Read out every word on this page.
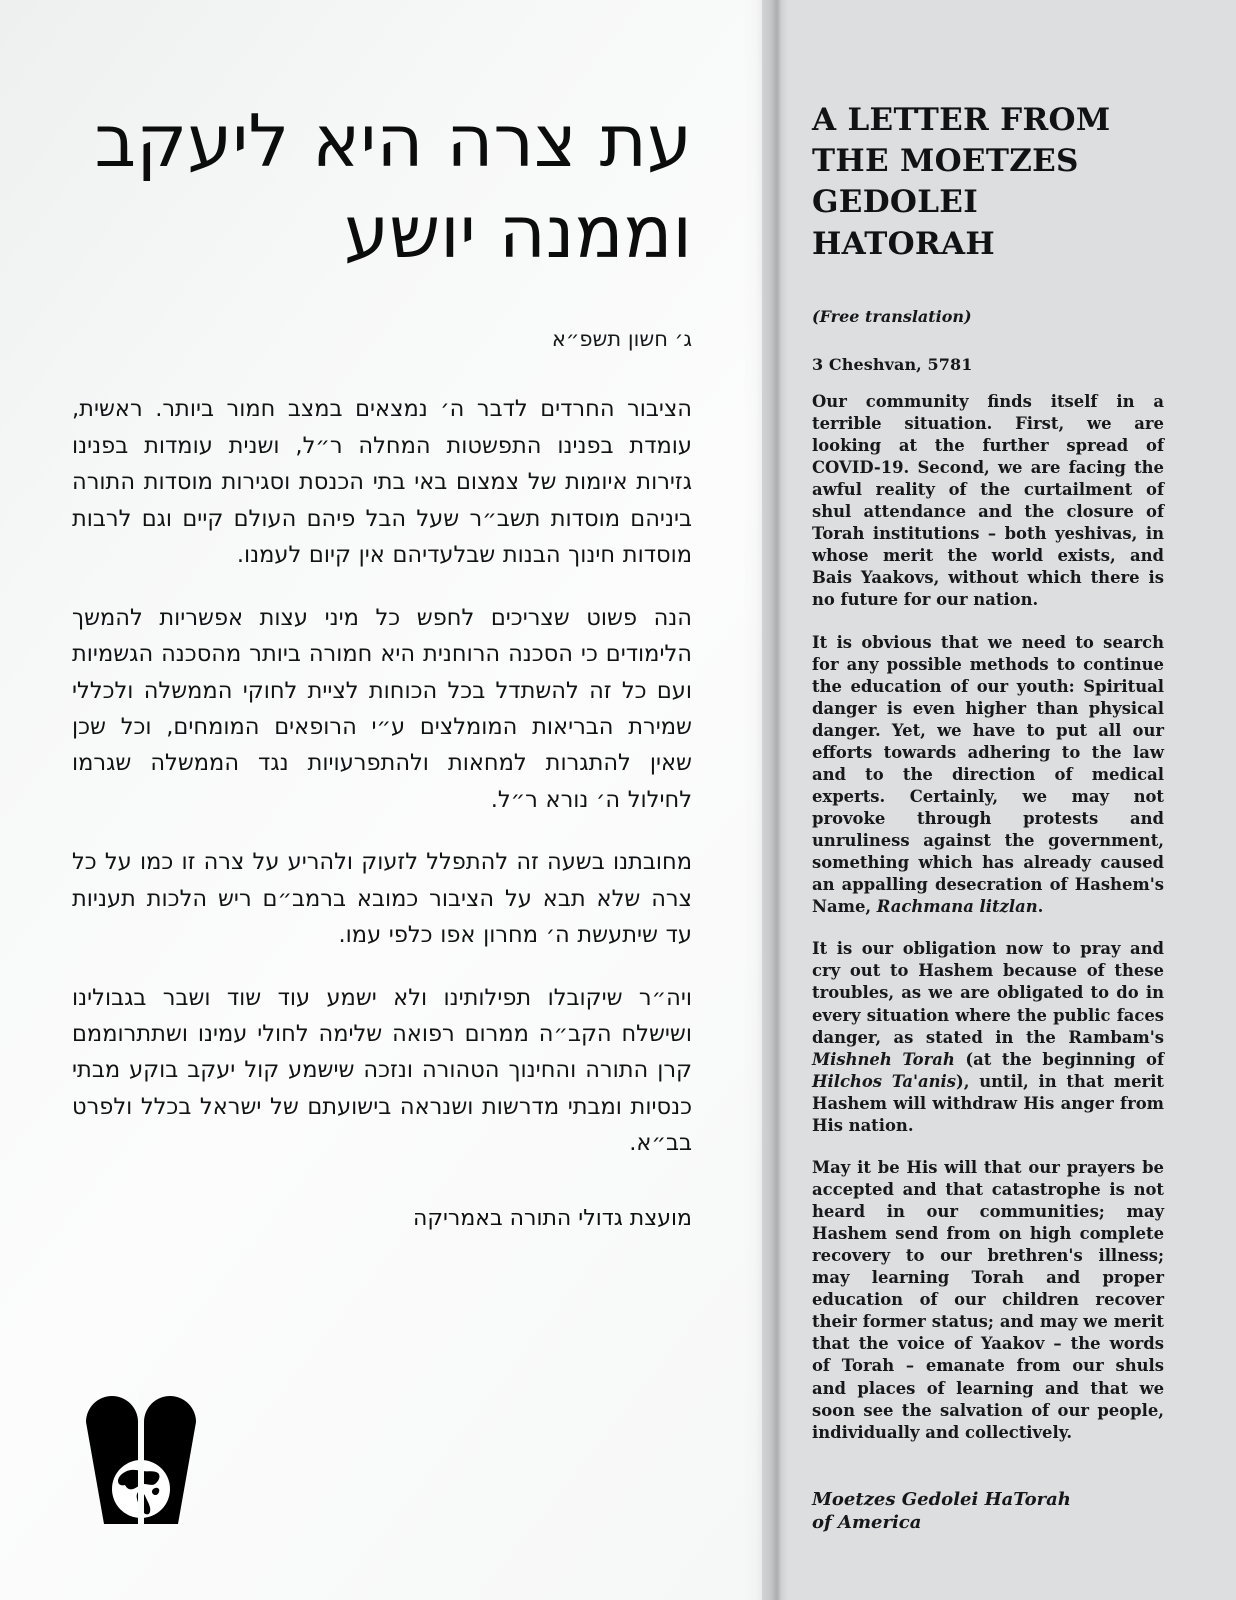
עת צרה היא ליעקב וממנה יושע
ג׳ חשון תשפ״א

הציבור החרדים לדבר ה׳ נמצאים במצב חמור ביותר. ראשית, עומדת בפנינו התפשטות המחלה ר״ל, ושנית עומדות בפנינו גזירות איומות של צמצום באי בתי הכנסת וסגירות מוסדות התורה ביניהם מוסדות תשב״ר שעל הבל פיהם העולם קיים וגם לרבות מוסדות חינוך הבנות שבלעדיהם אין קיום לעמנו.

הנה פשוט שצריכים לחפש כל מיני עצות אפשריות להמשך הלימודים כי הסכנה הרוחנית היא חמורה ביותר מהסכנה הגשמיות ועם כל זה להשתדל בכל הכוחות לציית לחוקי הממשלה ולכללי שמירת הבריאות המומלצים ע״י הרופאים המומחים, וכל שכן שאין להתגרות למחאות ולהתפרעויות נגד הממשלה שגרמו לחילול ה׳ נורא ר״ל.

מחובתנו בשעה זה להתפלל לזעוק ולהריע על צרה זו כמו על כל צרה שלא תבא על הציבור כמובא ברמב״ם ריש הלכות תעניות עד שיתעשת ה׳ מחרון אפו כלפי עמו.

ויה״ר שיקובלו תפילותינו ולא ישמע עוד שוד ושבר בגבולינו ושישלח הקב״ה ממרום רפואה שלימה לחולי עמינו ושתתרוממם קרן התורה והחינוך הטהורה ונזכה שישמע קול יעקב בוקע מבתי כנסיות ומבתי מדרשות ושנראה בישועתם של ישראל בכלל ולפרט בב״א.

מועצת גדולי התורה באמריקה
A LETTER FROM THE MOETZES GEDOLEI HATORAH
(Free translation)
3 Cheshvan, 5781

Our community finds itself in a terrible situation. First, we are looking at the further spread of COVID-19. Second, we are facing the awful reality of the curtailment of shul attendance and the closure of Torah institutions – both yeshivas, in whose merit the world exists, and Bais Yaakovs, without which there is no future for our nation.

It is obvious that we need to search for any possible methods to continue the education of our youth: Spiritual danger is even higher than physical danger. Yet, we have to put all our efforts towards adhering to the law and to the direction of medical experts. Certainly, we may not provoke through protests and unruliness against the government, something which has already caused an appalling desecration of Hashem's Name, Rachmana litzlan.

It is our obligation now to pray and cry out to Hashem because of these troubles, as we are obligated to do in every situation where the public faces danger, as stated in the Rambam's Mishneh Torah (at the beginning of Hilchos Ta'anis), until, in that merit Hashem will withdraw His anger from His nation.

May it be His will that our prayers be accepted and that catastrophe is not heard in our communities; may Hashem send from on high complete recovery to our brethren's illness; may learning Torah and proper education of our children recover their former status; and may we merit that the voice of Yaakov – the words of Torah – emanate from our shuls and places of learning and that we soon see the salvation of our people, individually and collectively.

Moetzes Gedolei HaTorah
of America
